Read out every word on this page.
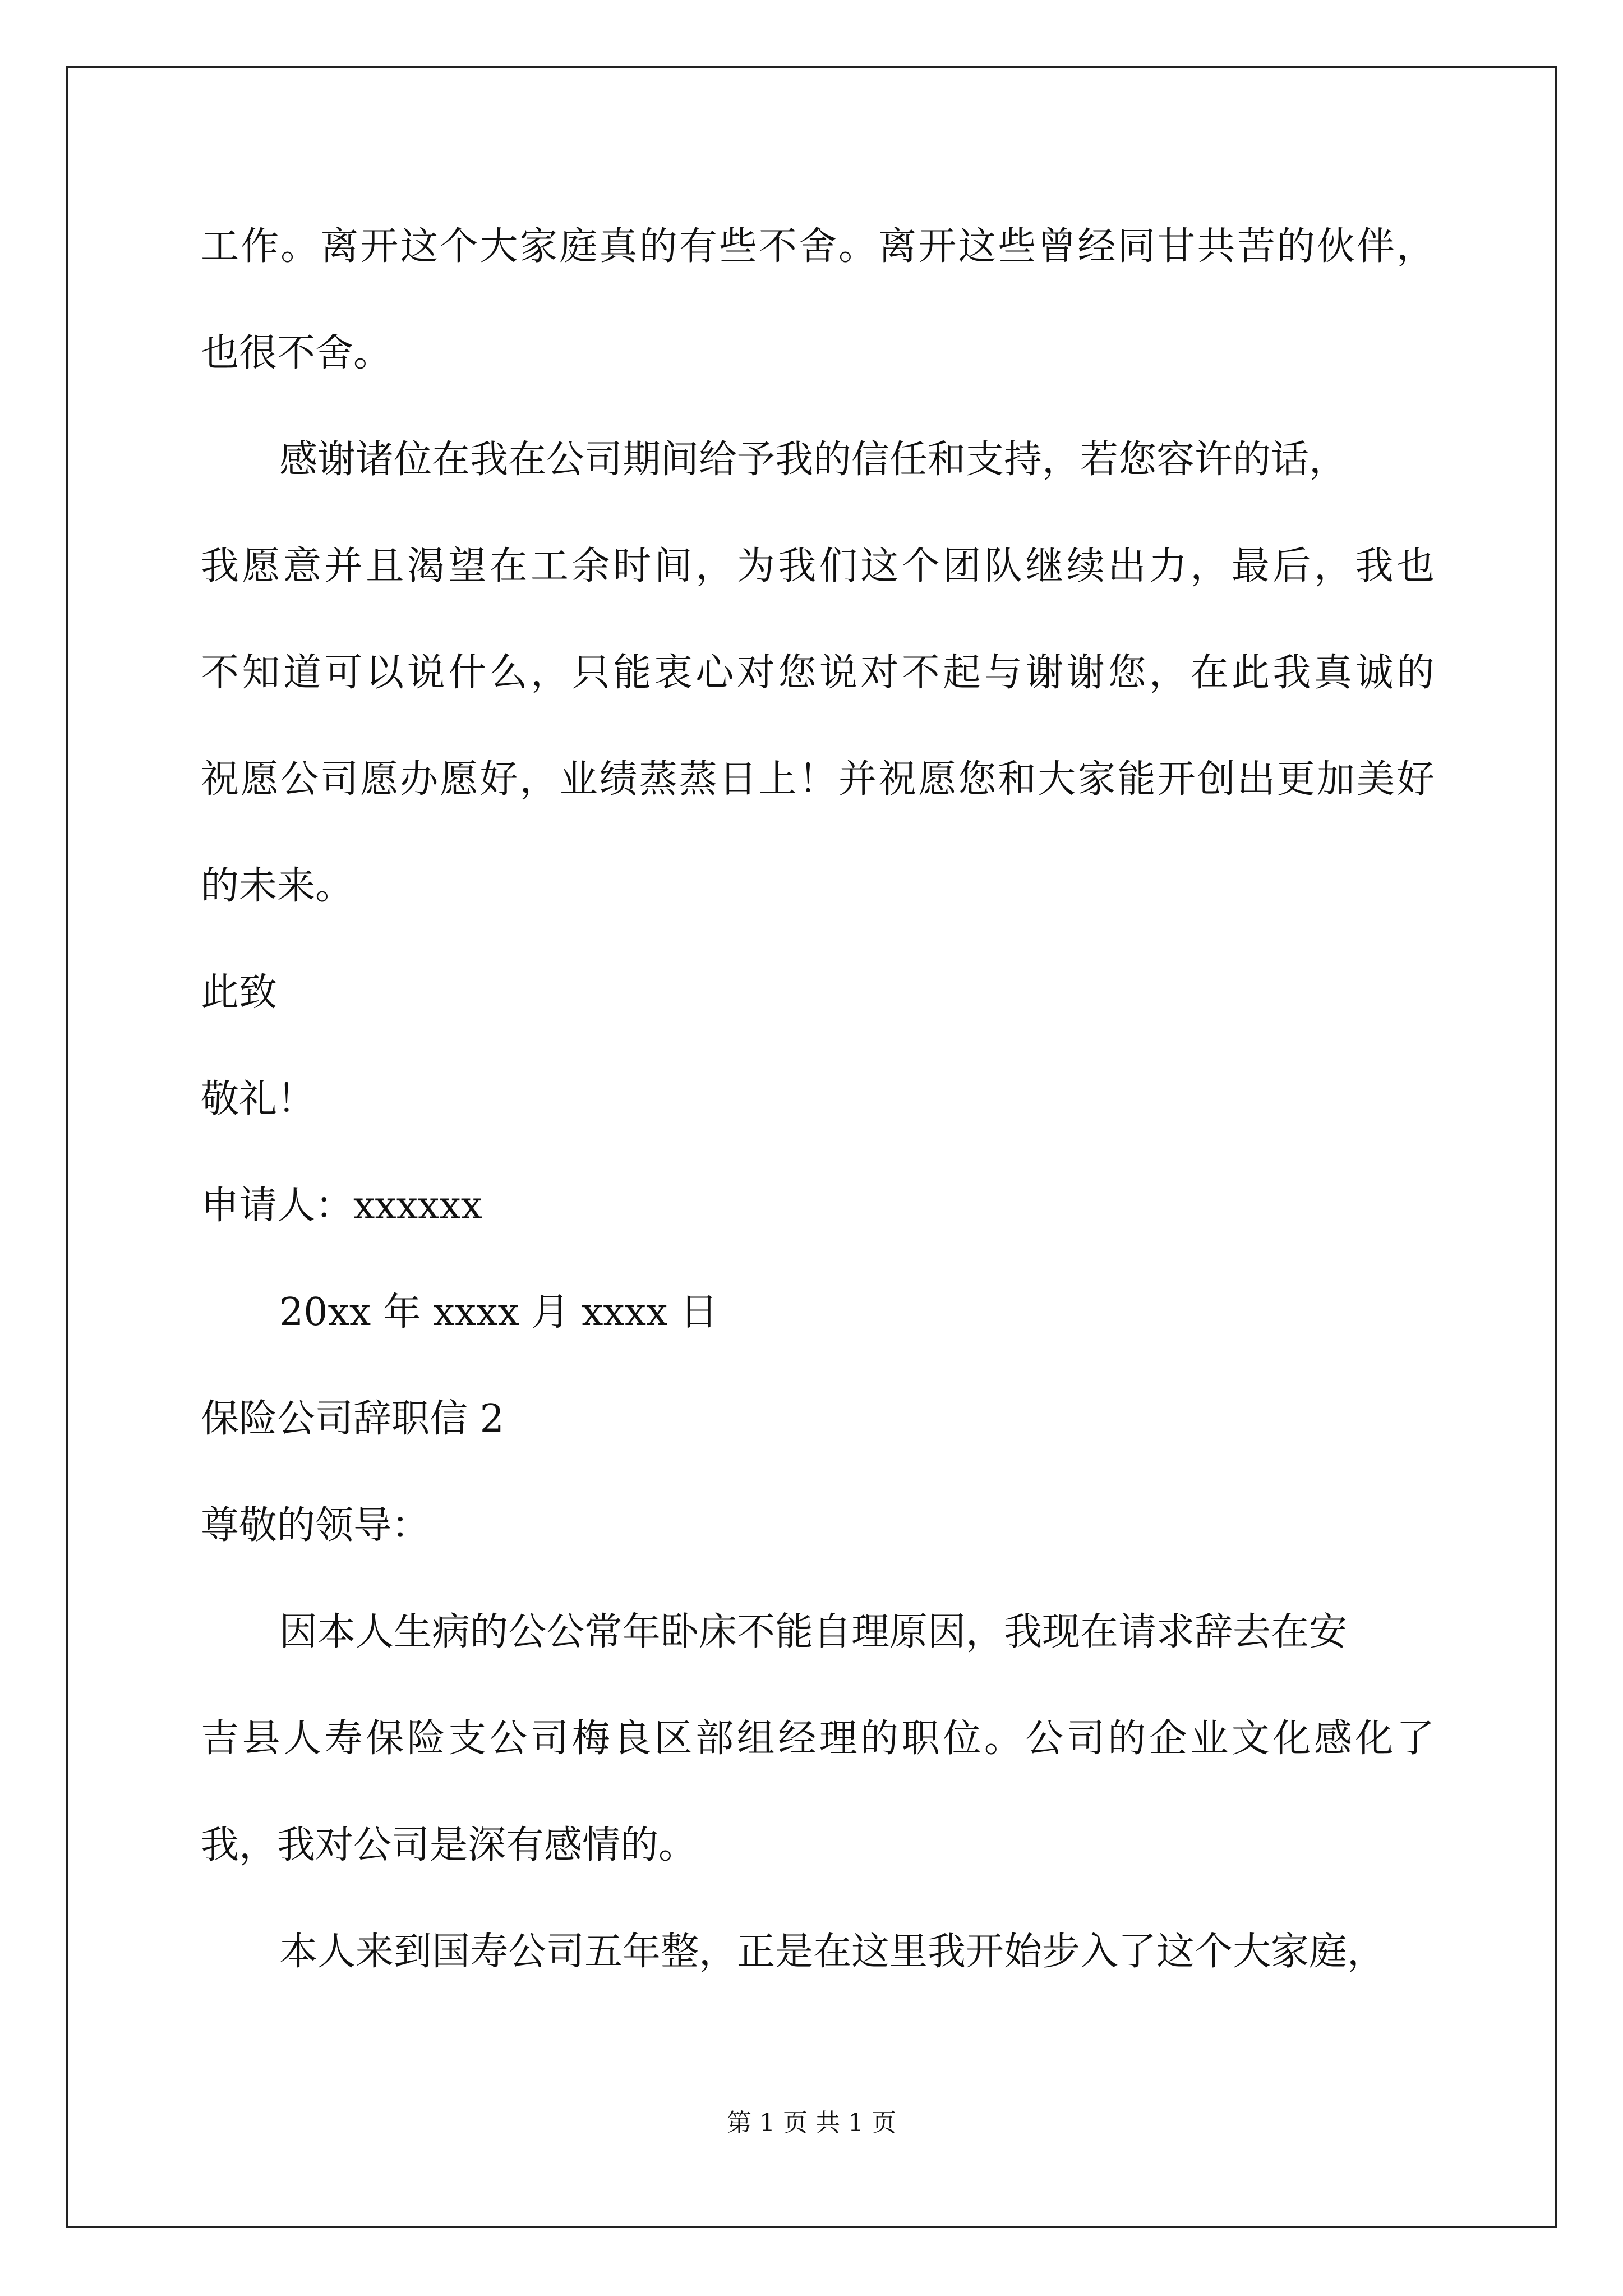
工作。离开这个大家庭真的有些不舍。离开这些曾经同甘共苦的伙伴，
也很不舍。
感谢诸位在我在公司期间给予我的信任和支持，若您容许的话，
我愿意并且渴望在工余时间，为我们这个团队继续出力，最后，我也
不知道可以说什么，只能衷心对您说对不起与谢谢您，在此我真诚的
祝愿公司愿办愿好，业绩蒸蒸日上！并祝愿您和大家能开创出更加美好
的未来。
此致
敬礼！
申请人：xxxxxx
20xx 年 xxxx 月 xxxx 日
保险公司辞职信 2
尊敬的领导：
因本人生病的公公常年卧床不能自理原因，我现在请求辞去在安
吉县人寿保险支公司梅良区部组经理的职位。公司的企业文化感化了
我，我对公司是深有感情的。
本人来到国寿公司五年整，正是在这里我开始步入了这个大家庭，
第 1 页 共 1 页
